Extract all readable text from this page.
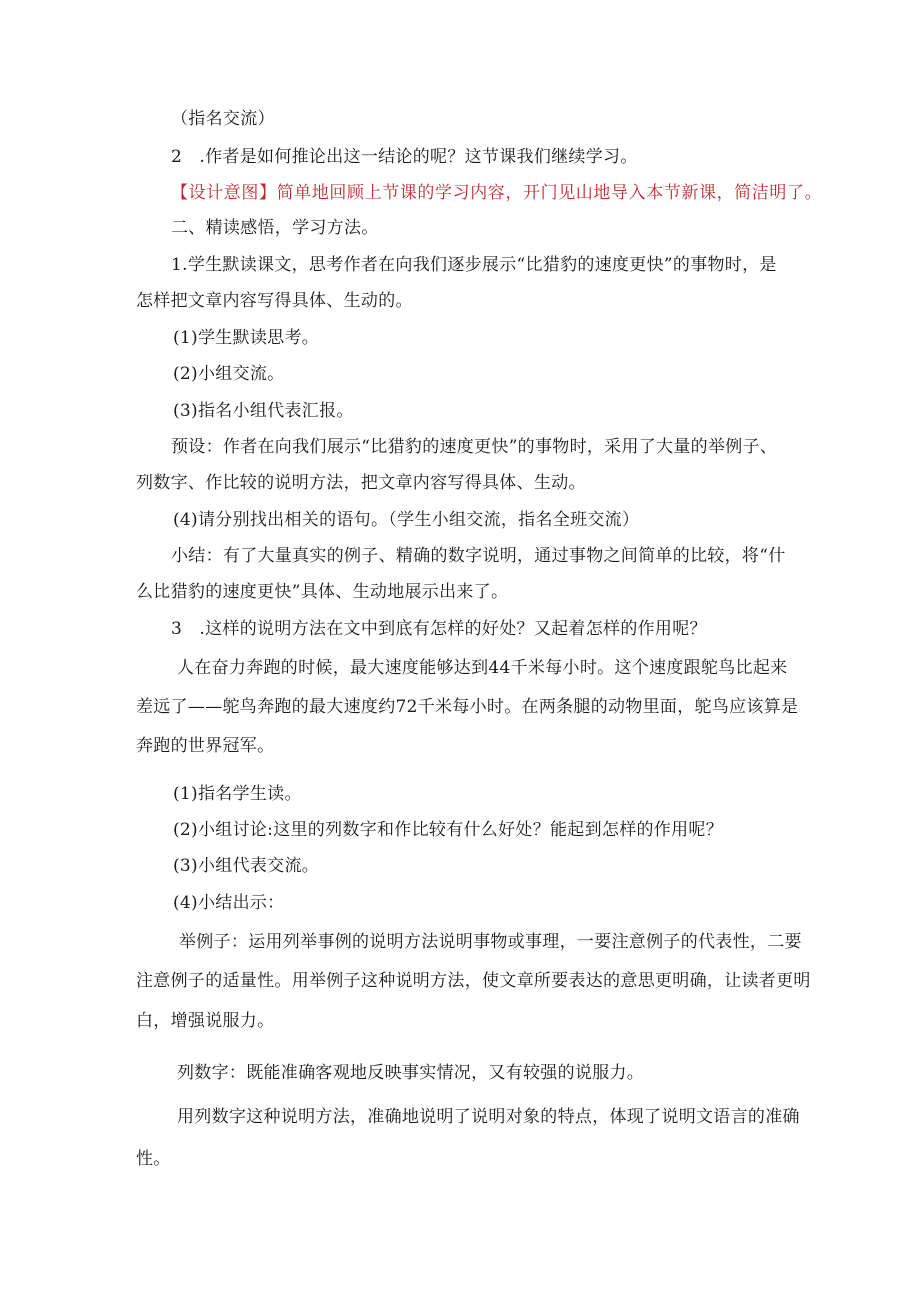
（指名交流）
2　.作者是如何推论出这一结论的呢？这节课我们继续学习。
【设计意图】简单地回顾上节课的学习内容，开门见山地导入本节新课，简洁明了。
二、精读感悟，学习方法。
1.学生默读课文，思考作者在向我们逐步展示“比猎豹的速度更快”的事物时，是
怎样把文章内容写得具体、生动的。
(1)学生默读思考。
(2)小组交流。
(3)指名小组代表汇报。
预设：作者在向我们展示“比猎豹的速度更快”的事物时，采用了大量的举例子、
列数字、作比较的说明方法，把文章内容写得具体、生动。
(4)请分别找出相关的语句。（学生小组交流，指名全班交流）
小结：有了大量真实的例子、精确的数字说明，通过事物之间简单的比较，将“什
么比猎豹的速度更快”具体、生动地展示出来了。
3　.这样的说明方法在文中到底有怎样的好处？又起着怎样的作用呢？
人在奋力奔跑的时候，最大速度能够达到44千米每小时。这个速度跟鸵鸟比起来
差远了——鸵鸟奔跑的最大速度约72千米每小时。在两条腿的动物里面，鸵鸟应该算是
奔跑的世界冠军。
(1)指名学生读。
(2)小组讨论:这里的列数字和作比较有什么好处？能起到怎样的作用呢？
(3)小组代表交流。
(4)小结出示：
举例子：运用列举事例的说明方法说明事物或事理，一要注意例子的代表性，二要
注意例子的适量性。用举例子这种说明方法，使文章所要表达的意思更明确，让读者更明
白，增强说服力。
列数字：既能准确客观地反映事实情况，又有较强的说服力。
用列数字这种说明方法，准确地说明了说明对象的特点，体现了说明文语言的准确
性。
